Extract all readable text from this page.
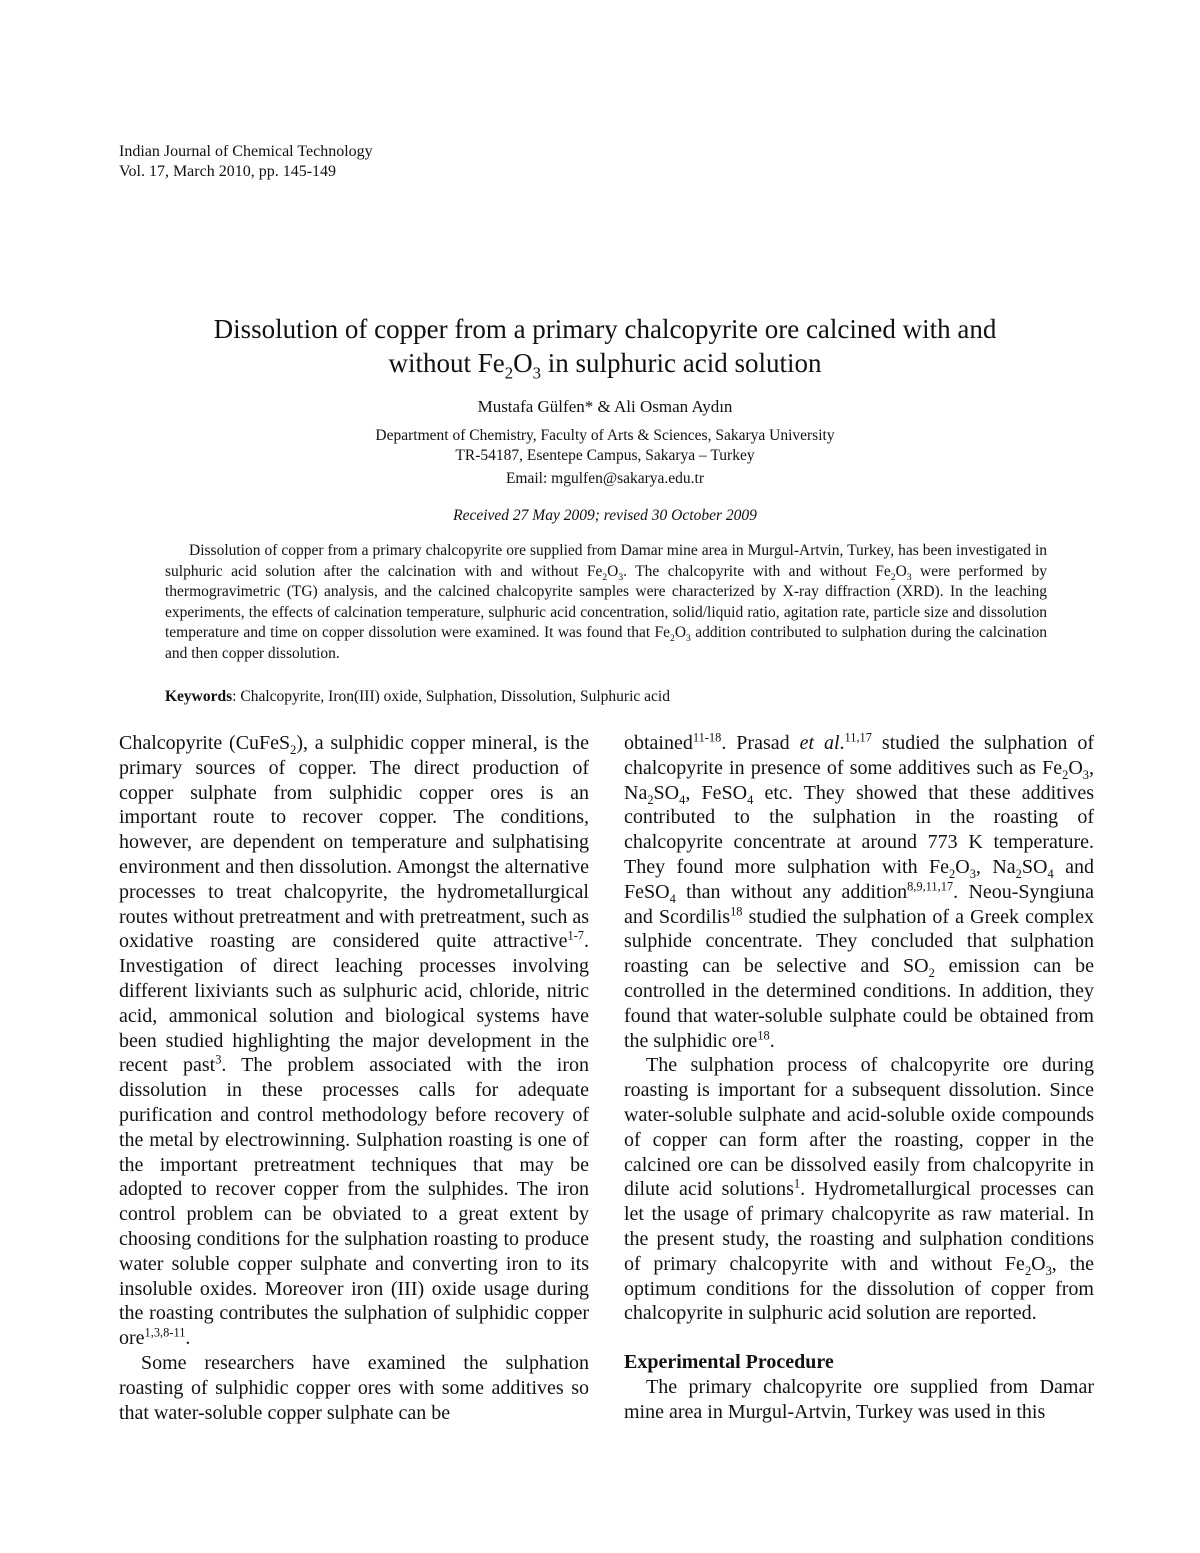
Indian Journal of Chemical Technology
Vol. 17, March 2010, pp. 145-149
Dissolution of copper from a primary chalcopyrite ore calcined with and
without $Fe_2O_3$ in sulphuric acid solution
Mustafa Gülfen* & Ali Osman Aydın
Department of Chemistry, Faculty of Arts & Sciences, Sakarya University
TR-54187, Esentepe Campus, Sakarya – Turkey
Email: mgulfen@sakarya.edu.tr
Received 27 May 2009; revised 30 October 2009
Dissolution of copper from a primary chalcopyrite ore supplied from Damar mine area in Murgul-Artvin, Turkey, has been investigated in sulphuric acid solution after the calcination with and without $Fe_2O_3$. The chalcopyrite with and without $Fe_2O_3$ were performed by thermogravimetric (TG) analysis, and the calcined chalcopyrite samples were characterized by X-ray diffraction (XRD). In the leaching experiments, the effects of calcination temperature, sulphuric acid concentration, solid/liquid ratio, agitation rate, particle size and dissolution temperature and time on copper dissolution were examined. It was found that $Fe_2O_3$ addition contributed to sulphation during the calcination and then copper dissolution.
Keywords: Chalcopyrite, Iron(III) oxide, Sulphation, Dissolution, Sulphuric acid

Chalcopyrite (CuFeS$_2$), a sulphidic copper mineral, is the primary sources of copper. The direct production of copper sulphate from sulphidic copper ores is an important route to recover copper. The conditions, however, are dependent on temperature and sulphatising environment and then dissolution. Amongst the alternative processes to treat chalcopyrite, the hydrometallurgical routes without pretreatment and with pretreatment, such as oxidative roasting are considered quite attractive$^{1-7}$. Investigation of direct leaching processes involving different lixiviants such as sulphuric acid, chloride, nitric acid, ammonical solution and biological systems have been studied highlighting the major development in the recent past$^3$. The problem associated with the iron dissolution in these processes calls for adequate purification and control methodology before recovery of the metal by electrowinning. Sulphation roasting is one of the important pretreatment techniques that may be adopted to recover copper from the sulphides. The iron control problem can be obviated to a great extent by choosing conditions for the sulphation roasting to produce water soluble copper sulphate and converting iron to its insoluble oxides. Moreover iron (III) oxide usage during the roasting contributes the sulphation of sulphidic copper ore$^{1,3,8-11}$.

Some researchers have examined the sulphation roasting of sulphidic copper ores with some additives so that water-soluble copper sulphate can be

obtained$^{11-18}$. Prasad et al.$^{11,17}$ studied the sulphation of chalcopyrite in presence of some additives such as $Fe_2O_3$, $Na_2SO_4$, FeSO$_4$ etc. They showed that these additives contributed to the sulphation in the roasting of chalcopyrite concentrate at around 773 K temperature. They found more sulphation with $Fe_2O_3$, $Na_2SO_4$ and FeSO$_4$ than without any addition$^{8,9,11,17}$. Neou-Syngiuna and Scordilis$^{18}$ studied the sulphation of a Greek complex sulphide concentrate. They concluded that sulphation roasting can be selective and $SO_2$ emission can be controlled in the determined conditions. In addition, they found that water-soluble sulphate could be obtained from the sulphidic ore$^{18}$.

The sulphation process of chalcopyrite ore during roasting is important for a subsequent dissolution. Since water-soluble sulphate and acid-soluble oxide compounds of copper can form after the roasting, copper in the calcined ore can be dissolved easily from chalcopyrite in dilute acid solutions$^1$. Hydrometallurgical processes can let the usage of primary chalcopyrite as raw material. In the present study, the roasting and sulphation conditions of primary chalcopyrite with and without $Fe_2O_3$, the optimum conditions for the dissolution of copper from chalcopyrite in sulphuric acid solution are reported.

Experimental Procedure

The primary chalcopyrite ore supplied from Damar mine area in Murgul-Artvin, Turkey was used in this
